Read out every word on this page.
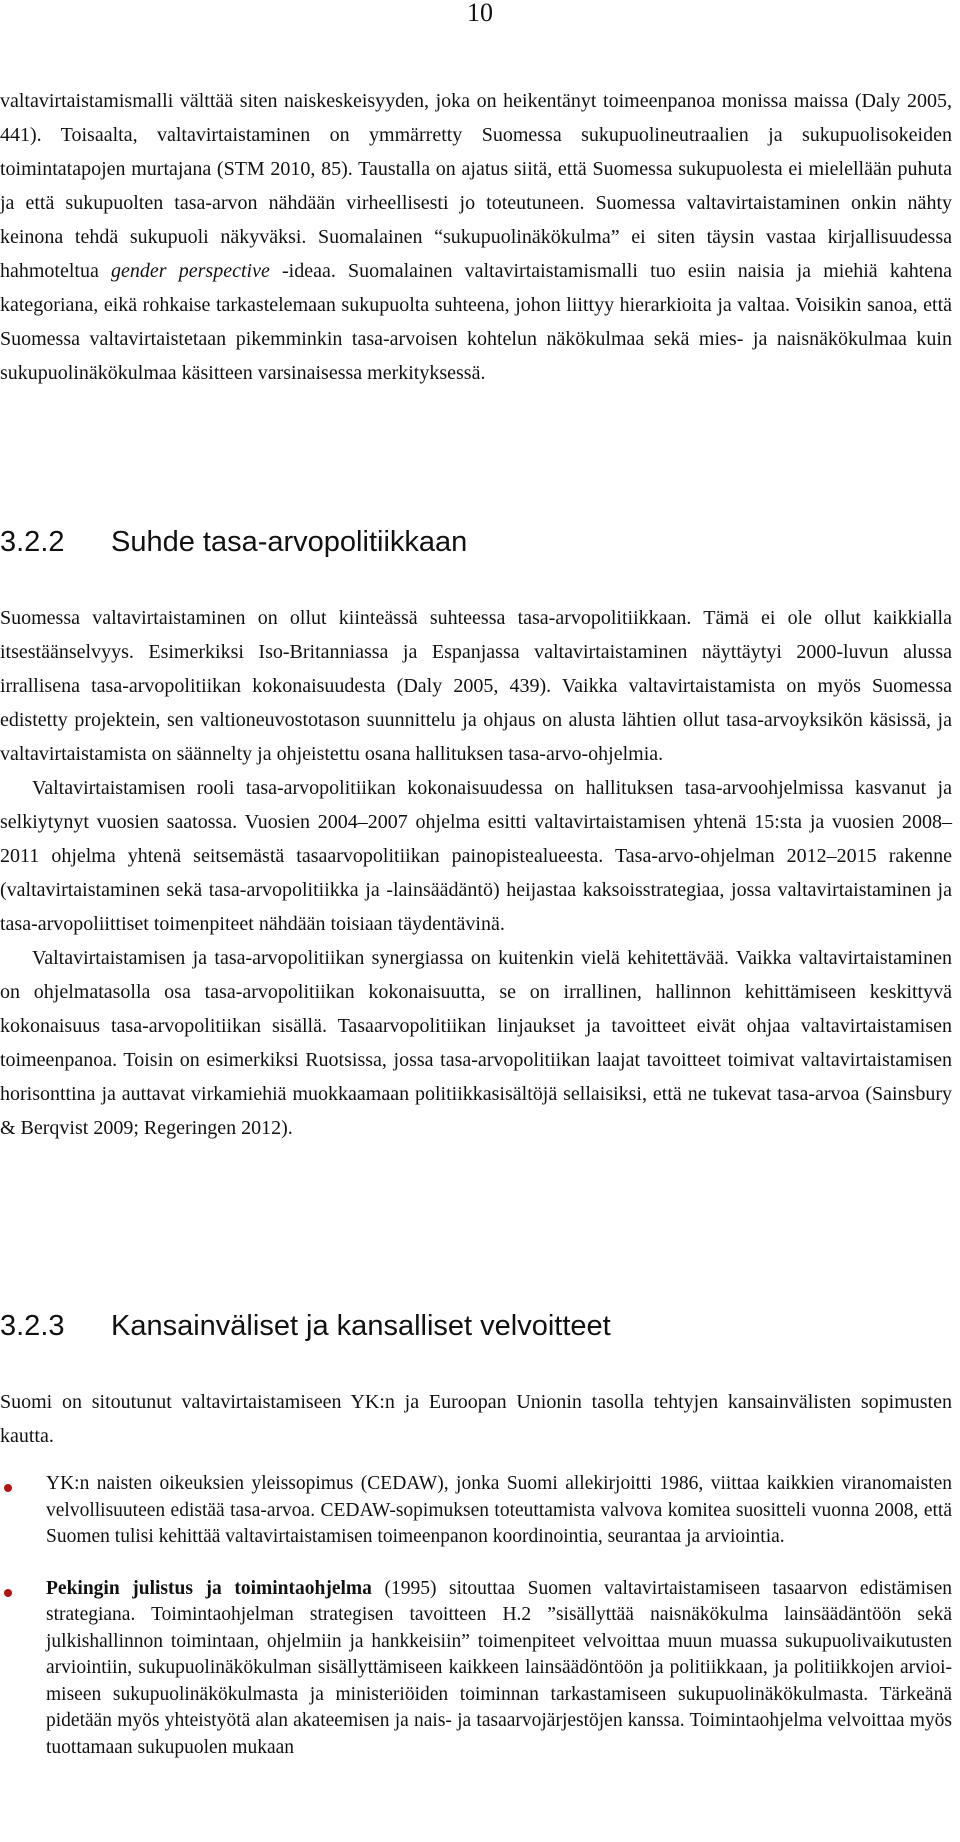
10

valtavirtaistamismalli välttää siten naiskeskeisyyden, joka on heikentänyt toimeenpanoa monissa maissa (Daly 2005, 441). Toisaalta, valtavirtaistaminen on ymmärretty Suomessa sukupuolineutraalien ja sukupuolisokeiden toimintatapojen murtajana (STM 2010, 85). Taustalla on ajatus siitä, että Suomessa sukupuolesta ei mielellään puhuta ja että sukupuolten tasa-arvon nähdään virheellisesti jo toteutuneen. Suomessa valtavirtaistaminen onkin nähty keinona tehdä sukupuoli näkyväksi. Suomalainen “sukupuolinäkökulma” ei siten täysin vastaa kirjallisuudessa hahmoteltua gender perspective -ideaa. Suomalainen valtavirtaistamismalli tuo esiin naisia ja miehiä kahtena kategoriana, eikä rohkaise tarkastelemaan sukupuolta suhteena, johon liittyy hierarkioita ja valtaa. Voisikin sanoa, että Suomessa valtavirtaistetaan pikemminkin tasa-arvoisen kohtelun näkökulmaa sekä mies- ja naisnäkökulmaa kuin sukupuolinäkökulmaa käsitteen varsinaisessa merkityksessä.

3.2.2 Suhde tasa-arvopolitiikkaan

Suomessa valtavirtaistaminen on ollut kiinteässä suhteessa tasa-arvopolitiikkaan. Tämä ei ole ollut kaikkialla itsestäänselvyys. Esimerkiksi Iso-Britanniassa ja Espanjassa valtavirtaistaminen näyttäytyi 2000-luvun alussa irrallisena tasa-arvopolitiikan kokonaisuudesta (Daly 2005, 439). Vaikka valtavirtaistamista on myös Suomessa edistetty projektein, sen valtioneuvostotason suunnittelu ja ohjaus on alusta lähtien ollut tasa-arvoyksikön käsissä, ja valtavirtaistamista on säännelty ja ohjeistettu osana hallituksen tasa-arvo-ohjelmia.

Valtavirtaistamisen rooli tasa-arvopolitiikan kokonaisuudessa on hallituksen tasa-arvoohjelmissa kasvanut ja selkiytynyt vuosien saatossa. Vuosien 2004–2007 ohjelma esitti valtavirtaistamisen yhtenä 15:sta ja vuosien 2008–2011 ohjelma yhtenä seitsemästä tasaarvopolitiikan painopistealueesta. Tasa-arvo-ohjelman 2012–2015 rakenne (valtavirtaistaminen sekä tasa-arvopolitiikka ja -lainsäädäntö) heijastaa kaksoisstrategiaa, jossa valtavirtaistaminen ja tasa-arvopoliittiset toimenpiteet nähdään toisiaan täydentävinä.

Valtavirtaistamisen ja tasa-arvopolitiikan synergiassa on kuitenkin vielä kehitettävää. Vaikka valtavirtaistaminen on ohjelmatasolla osa tasa-arvopolitiikan kokonaisuutta, se on irrallinen, hallinnon kehittämiseen keskittyvä kokonaisuus tasa-arvopolitiikan sisällä. Tasaarvopolitiikan linjaukset ja tavoitteet eivät ohjaa valtavirtaistamisen toimeenpanoa. Toisin on esimerkiksi Ruotsissa, jossa tasa-arvopolitiikan laajat tavoitteet toimivat valtavirtaistamisen horisonttina ja auttavat virkamiehiä muokkaamaan politiikkasisältöjä sellaisiksi, että ne tukevat tasa-arvoa (Sainsbury & Berqvist 2009; Regeringen 2012).

3.2.3 Kansainväliset ja kansalliset velvoitteet

Suomi on sitoutunut valtavirtaistamiseen YK:n ja Euroopan Unionin tasolla tehtyjen kansainvälisten sopimusten kautta.

YK:n naisten oikeuksien yleissopimus (CEDAW), jonka Suomi allekirjoitti 1986, viittaa kaikkien viranomaisten velvollisuuteen edistää tasa-arvoa. CEDAW-sopimuksen toteuttamista valvova komitea suositteli vuonna 2008, että Suomen tulisi kehittää valtavirtaistamisen toimeenpanon koordinointia, seurantaa ja arviointia.

Pekingin julistus ja toimintaohjelma (1995) sitouttaa Suomen valtavirtaistamiseen tasaarvon edistämisen strategiana. Toimintaohjelman strategisen tavoitteen H.2 ”sisällyttää naisnäkökulma lainsäädäntöön sekä julkishallinnon toimintaan, ohjelmiin ja hankkeisiin” toimenpiteet velvoittaa muun muassa sukupuolivaikutusten arviointiin, sukupuolinäkökulman sisällyttämiseen kaikkeen lainsäädöntöön ja politiikkaan, ja politiikkojen arvioimiseen sukupuolinäkökulmasta ja ministeriöiden toiminnan tarkastamiseen sukupuolinäkökulmasta. Tärkeänä pidetään myös yhteistyötä alan akateemisen ja nais- ja tasaarvojärjestöjen kanssa. Toimintaohjelma velvoittaa myös tuottamaan sukupuolen mukaan
